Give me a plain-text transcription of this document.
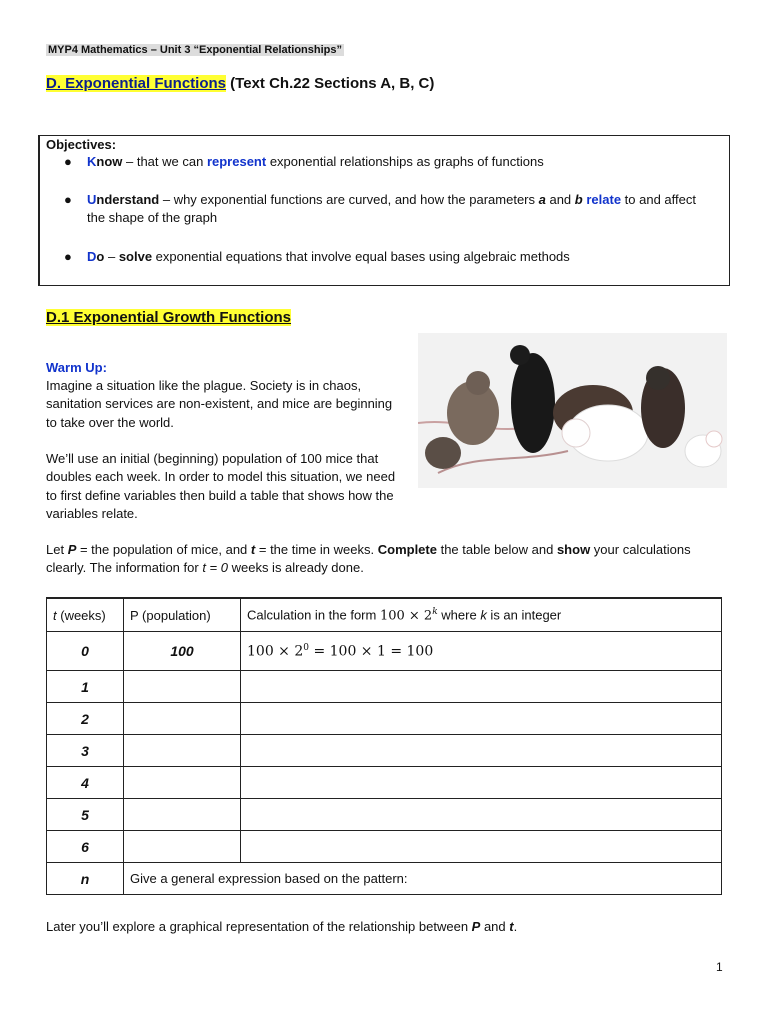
MYP4 Mathematics – Unit 3 “Exponential Relationships”
D. Exponential Functions (Text Ch.22 Sections A, B, C)
Objectives:
● Know – that we can represent exponential relationships as graphs of functions
● Understand – why exponential functions are curved, and how the parameters a and b relate to and affect the shape of the graph
● Do – solve exponential equations that involve equal bases using algebraic methods
D.1 Exponential Growth Functions
Warm Up:
Imagine a situation like the plague. Society is in chaos, sanitation services are non-existent, and mice are beginning to take over the world.
We’ll use an initial (beginning) population of 100 mice that doubles each week. In order to model this situation, we need to first define variables then build a table that shows how the variables relate.
Let P = the population of mice, and t = the time in weeks. Complete the table below and show your calculations clearly. The information for t = 0 weeks is already done.
t (weeks)	P (population)	Calculation in the form $100 \times 2^k$ where k is an integer
0	100	$100 \times 2^0 = 100 \times 1 = 100$
1		
2		
3		
4		
5		
6		
n	Give a general expression based on the pattern:	
Later you’ll explore a graphical representation of the relationship between P and t.
1
